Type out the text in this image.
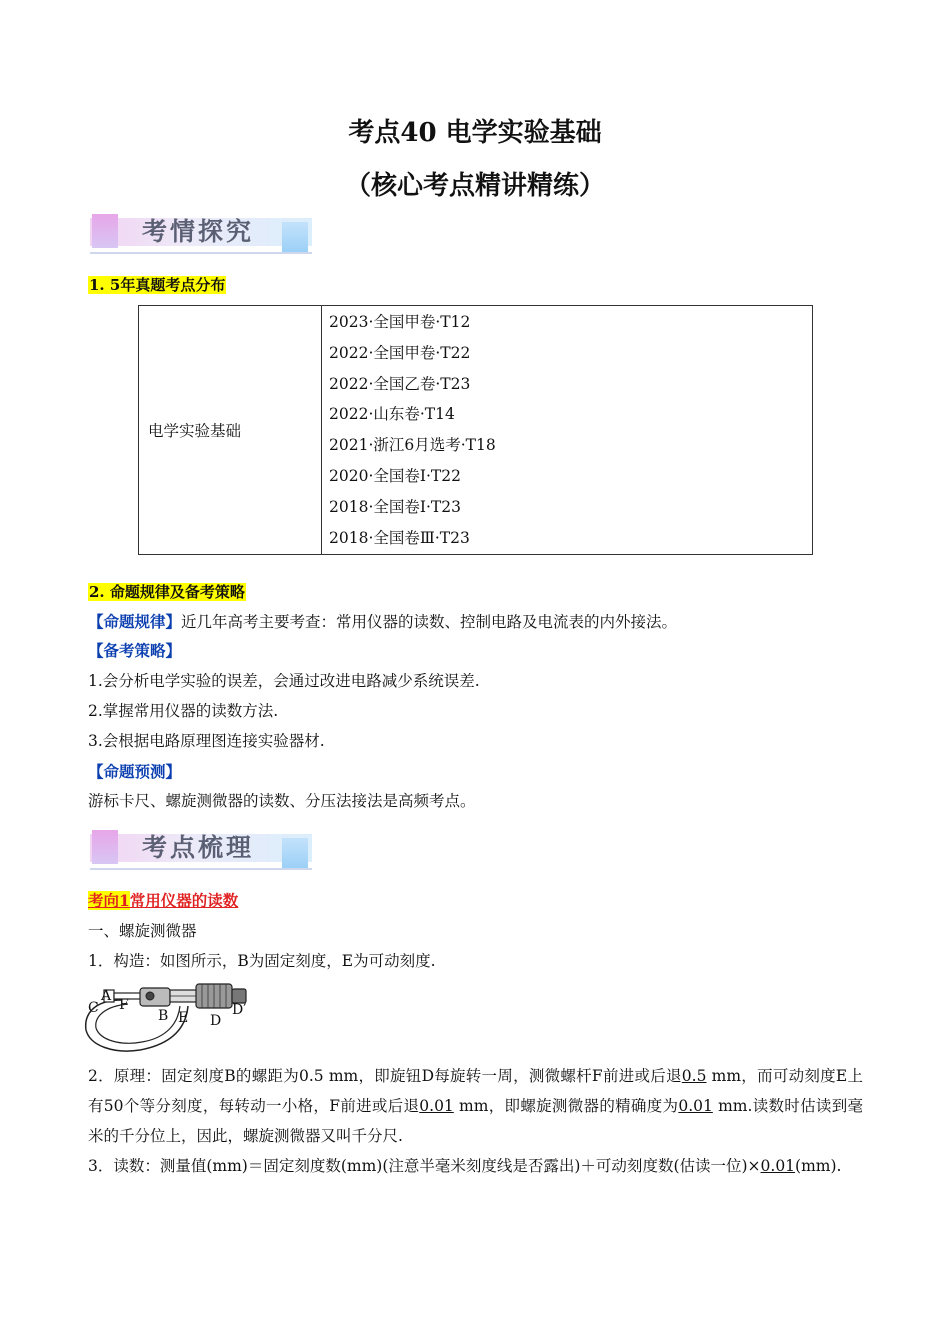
考点40 电学实验基础
（核心考点精讲精练）
考情探究
1. 5年真题考点分布
电学实验基础	
2023·全国甲卷·T12
2022·全国甲卷·T22
2022·全国乙卷·T23
2022·山东卷·T14
2021·浙江6月选考·T18
2020·全国卷Ⅰ·T22
2018·全国卷Ⅰ·T23
2018·全国卷Ⅲ·T23
2. 命题规律及备考策略
【命题规律】近几年高考主要考查：常用仪器的读数、控制电路及电流表的内外接法。
【备考策略】
1.会分析电学实验的误差，会通过改进电路减少系统误差.
2.掌握常用仪器的读数方法.
3.会根据电路原理图连接实验器材.
【命题预测】
游标卡尺、螺旋测微器的读数、分压法接法是高频考点。
考点梳理
考向1常用仪器的读数
一、螺旋测微器
1．构造：如图所示，B为固定刻度，E为可动刻度.
A
F
C	B E D
D′
2．原理：固定刻度B的螺距为0.5 mm，即旋钮D每旋转一周，测微螺杆F前进或后退0.5 mm，而可动刻度E上有50个等分刻度，每转动一小格，F前进或后退0.01 mm，即螺旋测微器的精确度为0.01 mm.读数时估读到毫米的千分位上，因此，螺旋测微器又叫千分尺.
3．读数：测量值(mm)＝固定刻度数(mm)(注意半毫米刻度线是否露出)＋可动刻度数(估读一位)×0.01(mm).
